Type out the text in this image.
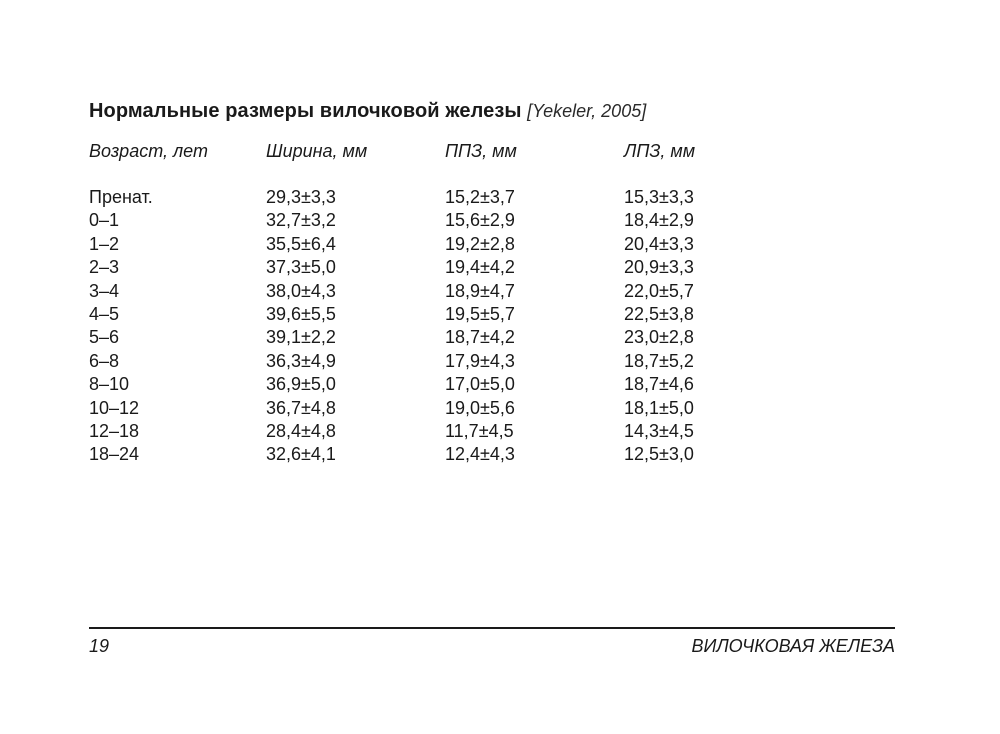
Нормальные размеры вилочковой железы [Yekeler, 2005]
Возраст, лет	Ширина, мм	ППЗ, мм	ЛПЗ, мм
Пренат.	29,3±3,3	15,2±3,7	15,3±3,3
0–1	32,7±3,2	15,6±2,9	18,4±2,9
1–2	35,5±6,4	19,2±2,8	20,4±3,3
2–3	37,3±5,0	19,4±4,2	20,9±3,3
3–4	38,0±4,3	18,9±4,7	22,0±5,7
4–5	39,6±5,5	19,5±5,7	22,5±3,8
5–6	39,1±2,2	18,7±4,2	23,0±2,8
6–8	36,3±4,9	17,9±4,3	18,7±5,2
8–10	36,9±5,0	17,0±5,0	18,7±4,6
10–12	36,7±4,8	19,0±5,6	18,1±5,0
12–18	28,4±4,8	11,7±4,5	14,3±4,5
18–24	32,6±4,1	12,4±4,3	12,5±3,0
19	ВИЛОЧКОВАЯ ЖЕЛЕЗА
